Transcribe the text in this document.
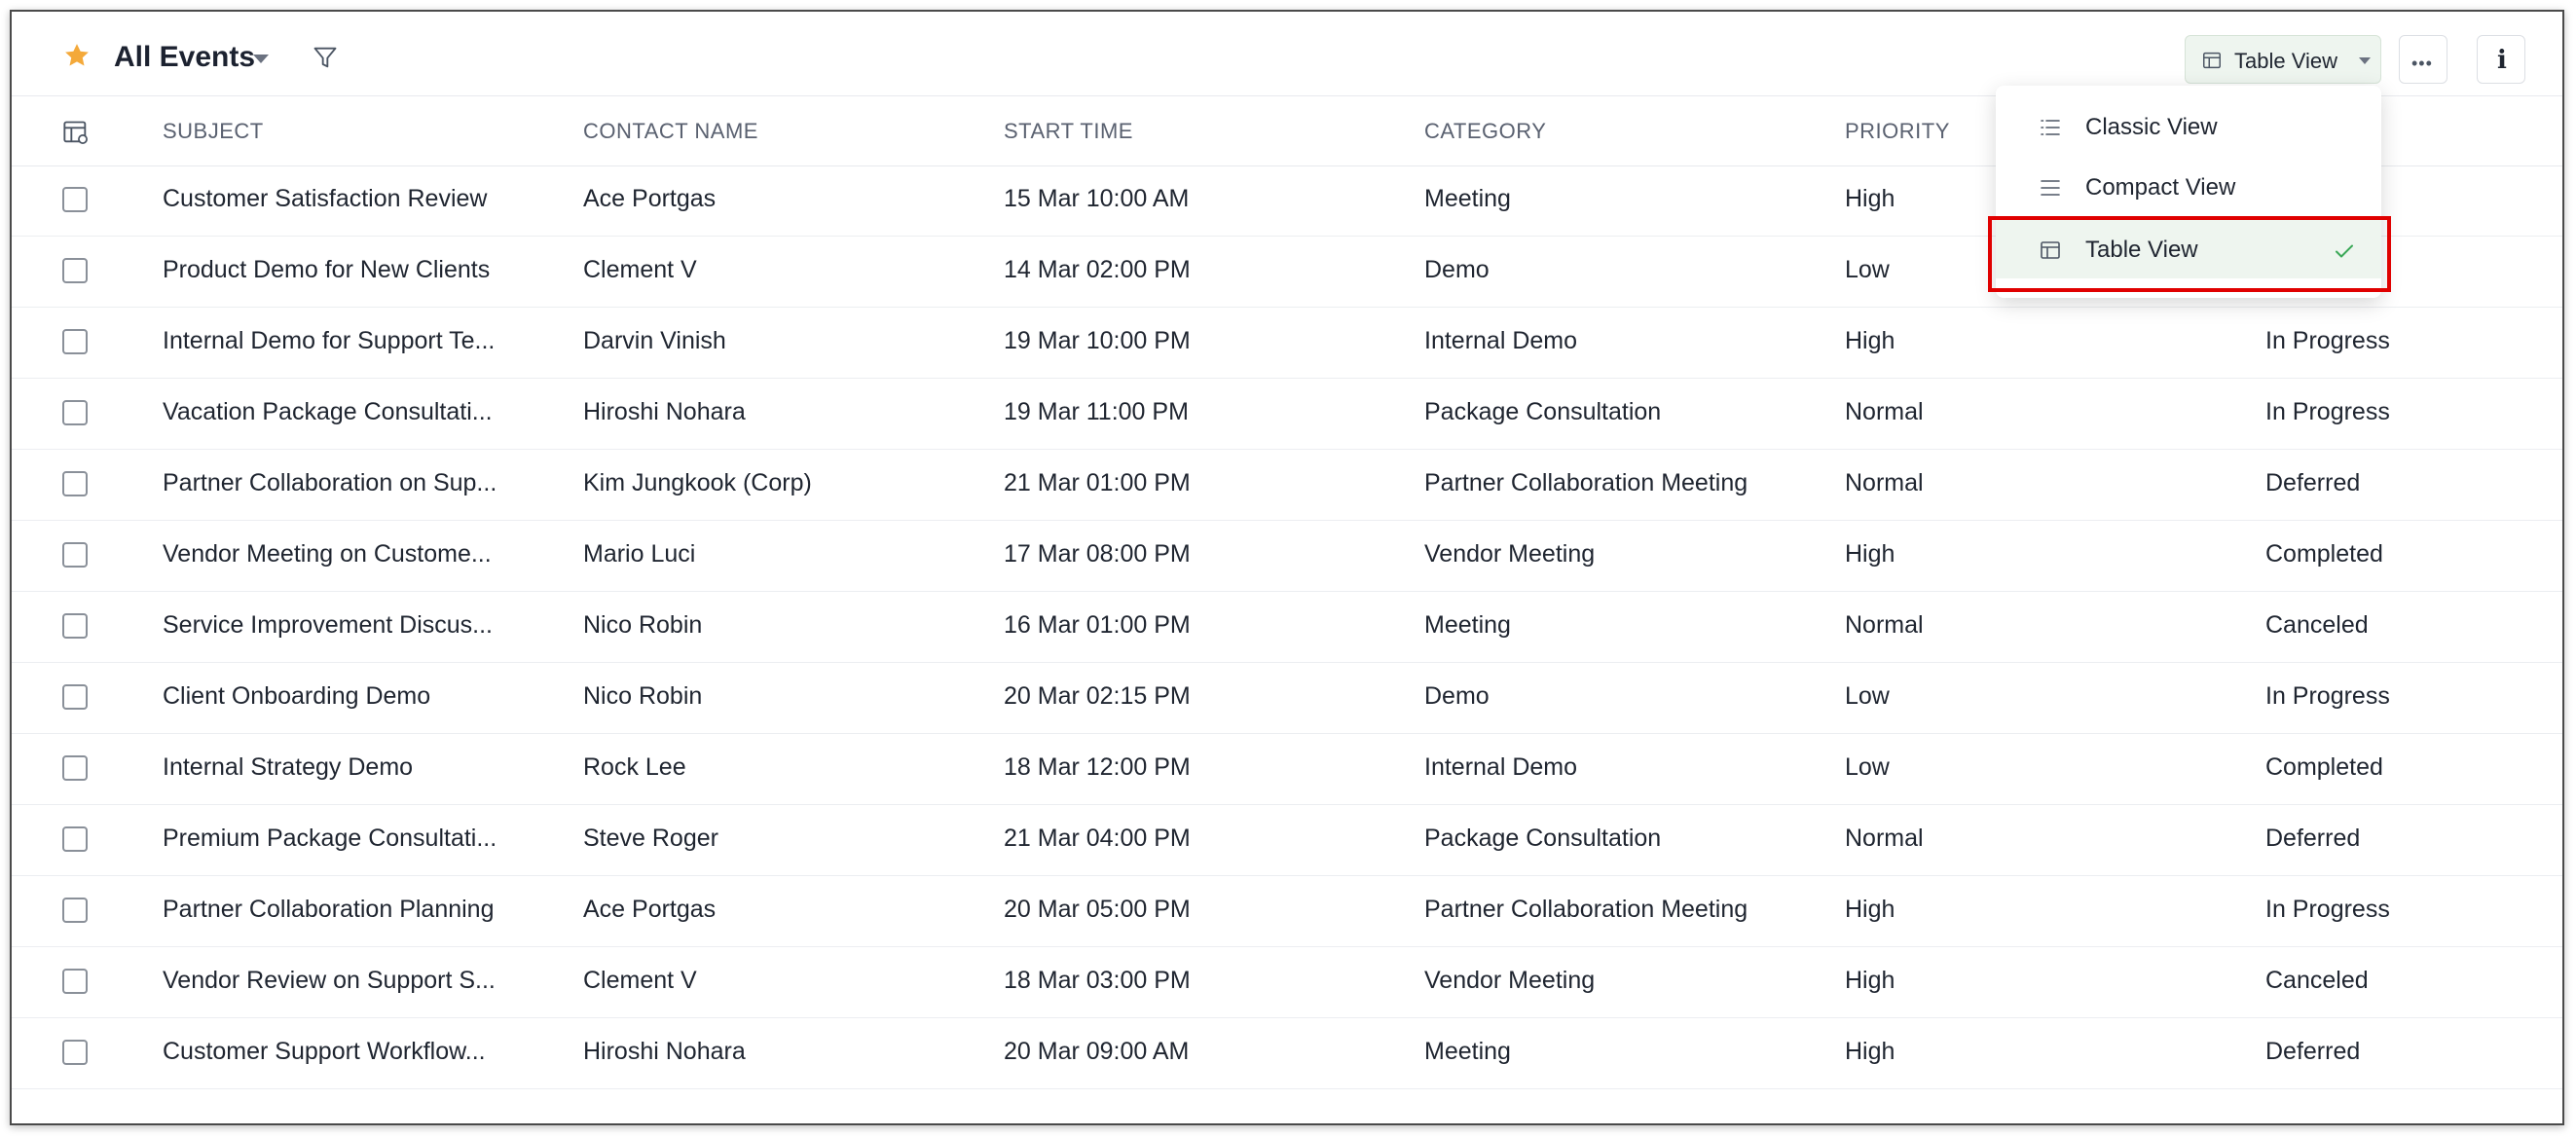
All Events	Table View	•••	i
SUBJECT	CONTACT NAME	START TIME	CATEGORY	PRIORITY
Customer Satisfaction Review	Ace Portgas	15 Mar 10:00 AM	Meeting	High
Product Demo for New Clients	Clement V	14 Mar 02:00 PM	Demo	Low
Internal Demo for Support Te...	Darvin Vinish	19 Mar 10:00 PM	Internal Demo	High	In Progress
Vacation Package Consultati...	Hiroshi Nohara	19 Mar 11:00 PM	Package Consultation	Normal	In Progress
Partner Collaboration on Sup...	Kim Jungkook (Corp)	21 Mar 01:00 PM	Partner Collaboration Meeting	Normal	Deferred
Vendor Meeting on Custome...	Mario Luci	17 Mar 08:00 PM	Vendor Meeting	High	Completed
Service Improvement Discus...	Nico Robin	16 Mar 01:00 PM	Meeting	Normal	Canceled
Client Onboarding Demo	Nico Robin	20 Mar 02:15 PM	Demo	Low	In Progress
Internal Strategy Demo	Rock Lee	18 Mar 12:00 PM	Internal Demo	Low	Completed
Premium Package Consultati...	Steve Roger	21 Mar 04:00 PM	Package Consultation	Normal	Deferred
Partner Collaboration Planning	Ace Portgas	20 Mar 05:00 PM	Partner Collaboration Meeting	High	In Progress
Vendor Review on Support S...	Clement V	18 Mar 03:00 PM	Vendor Meeting	High	Canceled
Customer Support Workflow...	Hiroshi Nohara	20 Mar 09:00 AM	Meeting	High	Deferred
Classic View
Compact View
Table View
